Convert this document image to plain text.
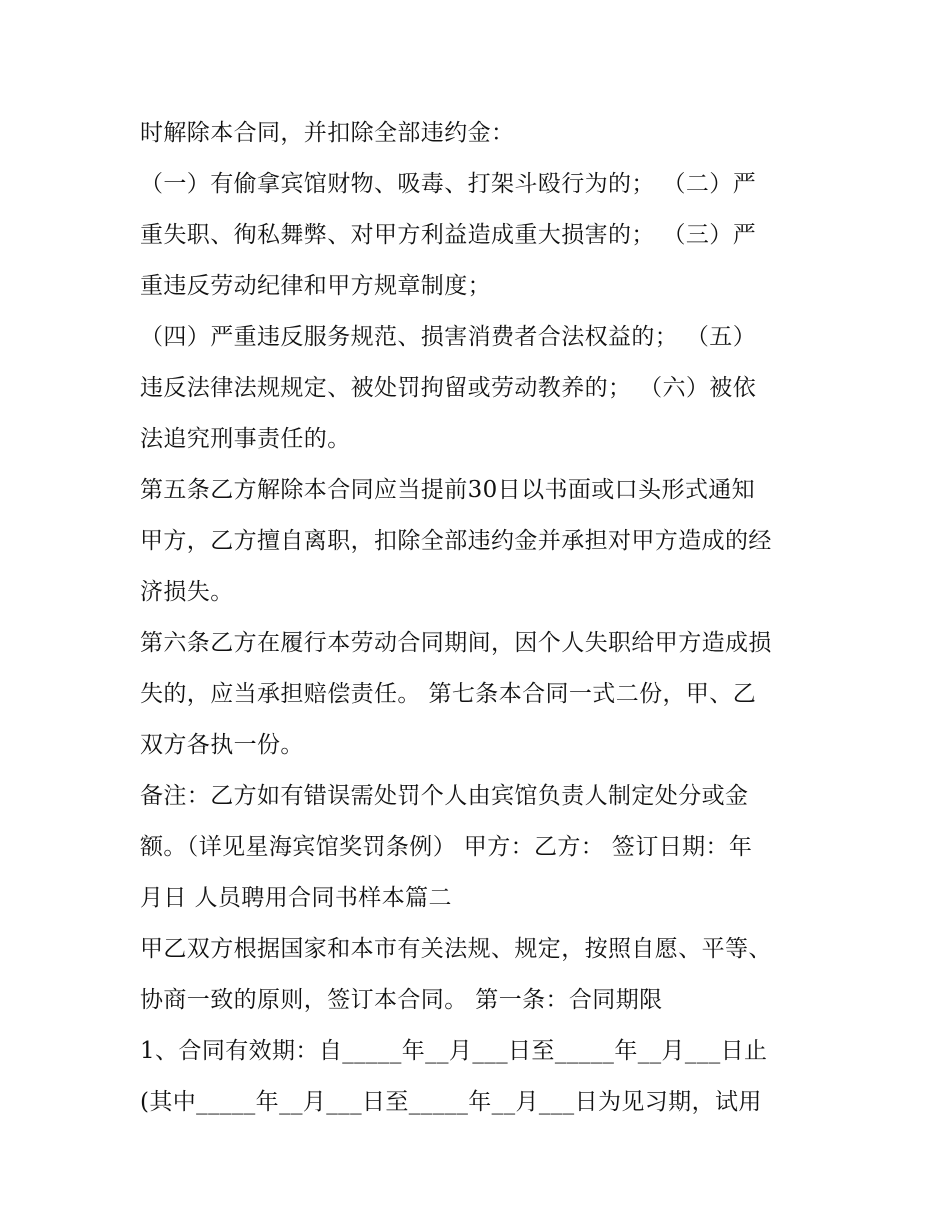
时解除本合同，并扣除全部违约金：
（一）有偷拿宾馆财物、吸毒、打架斗殴行为的； （二）严
重失职、徇私舞弊、对甲方利益造成重大损害的； （三）严
重违反劳动纪律和甲方规章制度；
（四）严重违反服务规范、损害消费者合法权益的； （五）
违反法律法规规定、被处罚拘留或劳动教养的； （六）被依
法追究刑事责任的。
第五条乙方解除本合同应当提前30日以书面或口头形式通知
甲方，乙方擅自离职，扣除全部违约金并承担对甲方造成的经
济损失。
第六条乙方在履行本劳动合同期间，因个人失职给甲方造成损
失的，应当承担赔偿责任。 第七条本合同一式二份，甲、乙
双方各执一份。
备注：乙方如有错误需处罚个人由宾馆负责人制定处分或金
额。（详见星海宾馆奖罚条例） 甲方：乙方： 签订日期：年
月日 人员聘用合同书样本篇二
甲乙双方根据国家和本市有关法规、规定，按照自愿、平等、
协商一致的原则，签订本合同。 第一条：合同期限
1、合同有效期：自_____年__月___日至_____年__月___日止
(其中_____年__月___日至_____年__月___日为见习期，试用
